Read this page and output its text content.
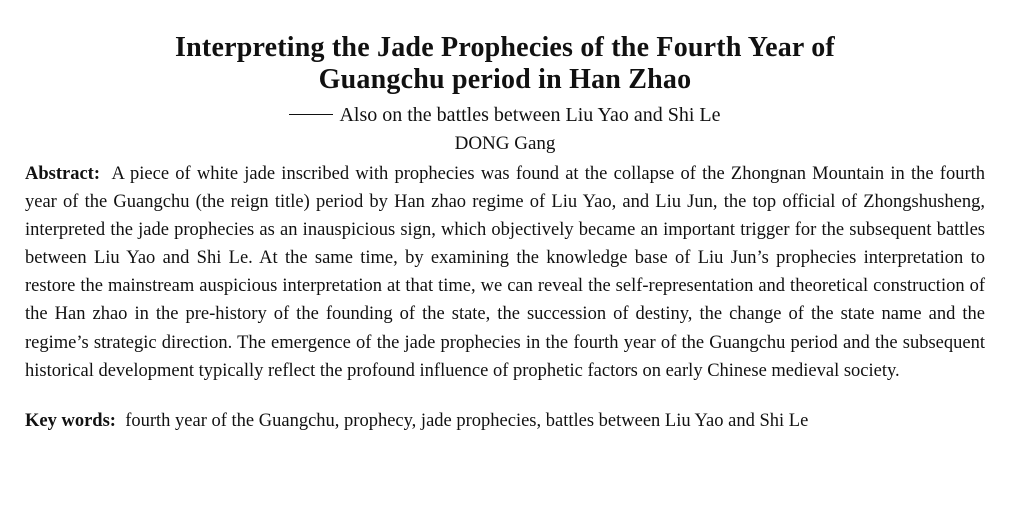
Interpreting the Jade Prophecies of the Fourth Year of
Guangchu period in Han Zhao

Also on the battles between Liu Yao and Shi Le

DONG Gang

Abstract: A piece of white jade inscribed with prophecies was found at the collapse of the Zhongnan Mountain in the fourth year of the Guangchu (the reign title) period by Han zhao regime of Liu Yao, and Liu Jun, the top official of Zhongshusheng, interpreted the jade prophecies as an inauspicious sign, which objectively became an important trigger for the subsequent battles between Liu Yao and Shi Le. At the same time, by examining the knowledge base of Liu Jun’s prophecies interpretation to restore the mainstream auspicious interpretation at that time, we can reveal the self-representation and theoretical construction of the Han zhao in the pre-history of the founding of the state, the succession of destiny, the change of the state name and the regime’s strategic direction. The emergence of the jade prophecies in the fourth year of the Guangchu period and the subsequent historical development typically reflect the profound influence of prophetic factors on early Chinese medieval society.

Key words: fourth year of the Guangchu, prophecy, jade prophecies, battles between Liu Yao and Shi Le
